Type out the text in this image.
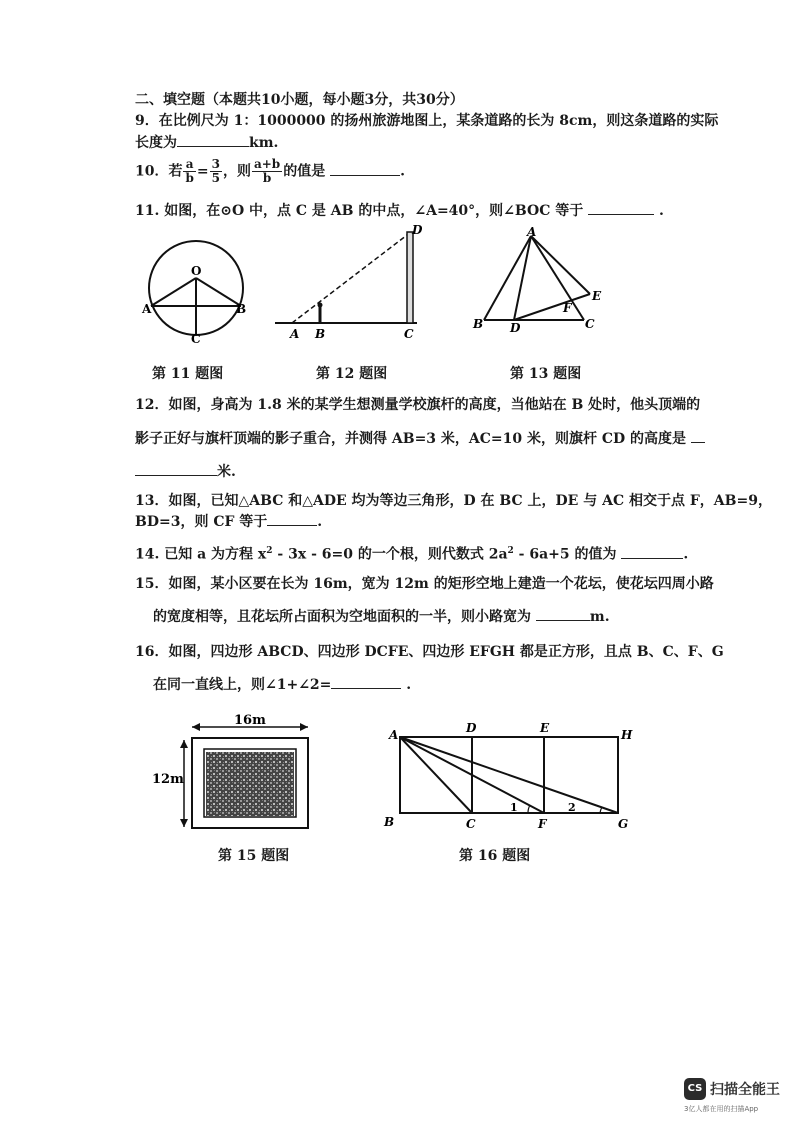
二、填空题（本题共10小题，每小题3分，共30分）
9．在比例尺为 1：1000000 的扬州旅游地图上，某条道路的长为 8cm，则这条道路的实际
长度为	km.
10．若 $\frac{a}{b} = \frac{3}{5}$ ，则 $\frac{a+b}{b}$ 的值是	.
11. 如图，在⊙O 中，点 C 是 AB 的中点，∠A=40°，则∠BOC 等于	.
O
A	B
C	A B	C
D	A
B	C
D
E
F
第 11 题图	第 12 题图	第 13 题图
12．如图，身高为 1.8 米的某学生想测量学校旗杆的高度，当他站在 B 处时，他头顶端的
影子正好与旗杆顶端的影子重合，并测得 AB=3 米，AC=10 米，则旗杆 CD 的高度是
米.
13．如图，已知△ABC 和△ADE 均为等边三角形，D 在 BC 上，DE 与 AC 相交于点 F，AB=9，
BD=3，则 CF 等于	.
14. 已知 a 为方程 $x^2 - 3x - 6=0$ 的一个根，则代数式 $2a^2 - 6a+5$ 的值为	.
15．如图，某小区要在长为 16m，宽为 12m 的矩形空地上建造一个花坛，使花坛四周小路
的宽度相等，且花坛所占面积为空地面积的一半，则小路宽为	m.
16．如图，四边形 ABCD、四边形 DCFE、四边形 EFGH 都是正方形，且点 B、C、F、G
在同一直线上，则∠1+∠2=	.
16m
12m
A	D	E	H
B	C	F	G
1	2
第 15 题图	第 16 题图
CS 扫描全能王
3亿人都在用的扫描App
